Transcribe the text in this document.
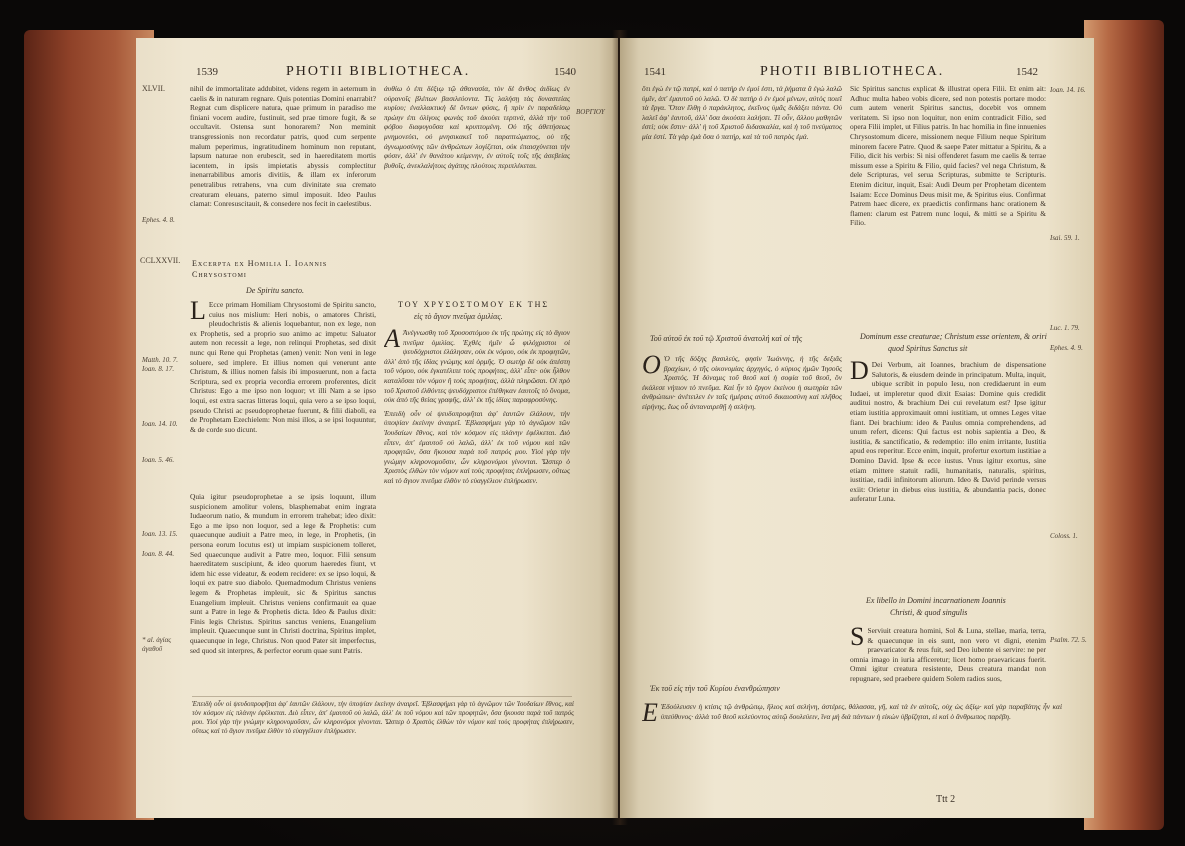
1539	PHOTII BIBLIOTHECA.	1540
XLVII.
Ephes. 4. 8.
CCLXXVII.
Matth. 10. 7.
Ioan. 8. 17.
Ioan. 14. 10.
Ioan. 5. 46.
Ioan. 13. 15.
Ioan. 8. 44.
* al. ἀγίας
ἀγαθοῦ

nihil de immortalitate addubitet, videns regem in aeternum in caelis & in naturam regnare. Quis potentias Domini enarrabit? Regnat cum displicere natura, quae primum in paradiso me finiani vocem audire, fustinuit, sed prae timore fugit, & se occultavit. Ostensa sunt honorarem? Non meminit transgressionis non recordatur patris, quod cum serpente malum peperimus, ingratitudinem hominum non reputant, lapsum naturae non erubescit, sed in haereditatem mortis iacentem, in ipsis impietatis abyssis complectitur inenarrabilibus amoris divitiis, & illam ex inferorum penetralibus retrahens, vna cum divinitate sua cremato creaturam eleuans, paterno simul imposuit. Ideo Paulus clamat: Conresuscitauit, & consedere nos fecit in caelestibus.

Excerpta ex Homilia I. Ioannis Chrysostomi
De Spiritu sancto.

L Ecce primam Homiliam Chrysostomi de Spiritu sancto, cuius nos mislium: Heri nobis, o amatores Christi, pleudochristis & alienis loquebantur, non ex lege, non ex Prophetis, sed a proprio suo animo ac impetu: Saluator autem non recessit a lege, non relinqui Prophetas, sed dixit nunc qui Rene qui Prophetas (amen) venit: Non veni in lege soluere, sed implere. Et illius nomen qui venerunt ante Christum, & illius nomen falsis ibi imposuerunt, non a facta Scriptura, sed ex propria vecordia errorem proferentes, dicit Christus: Ego a me ipso non loquor; vt illi Nam a se ipso loqui, est extra sacras litteras loqui, quia vero a se ipso loqui, pseudo Christi ac pseudoprophetae fuerunt, & filii diaboli, ea de Prophetam Ezechielem: Non misi illos, a se ipsi loquuntur, & de corde suo dicunt.

Quia igitur pseudoprophetae a se ipsis loquunt, illum suspicionem amolitur volens, blasphemabat enim ingrata Iudaeorum natio, & mundum in errorem trahebat; ideo dixit: Ego a me ipso non loquor, sed a lege & Prophetis: cum quaecunque audiuit a Patre meo, in lege, in Prophetis, (in persona eorum locutus est) ut impiam suspicionem tolleret, Sed quaecunque audivit a Patre meo, loquor. Filii sensum haereditatem suscipiunt, & ideo quorum haeredes fiunt, vt idem hic esse videatur, & eodem recidere: ex se ipso loqui, & loqui ex patre suo diabolo. Quemadmodum Christus veniens legem & Prophetas impleuit, sic & Spiritus sanctus Euangelium impleuit. Christus veniens confirmauit ea quae sunt a Patre in lege & Prophetis dicta. Ideo & Paulus dixit: Finis legis Christus. Spiritus sanctus veniens, Euangelium impleuit. Quaecunque sunt in Christi doctrina, Spiritus implet, quaecunque in lege, Christus. Non quod Pater sit imperfectus, sed quod sit interpres, & perfector eorum quae sunt Patris.

ἀυθίω ὁ ἐπι δέξιῳ τῷ ἀθανασία, τὸν δὲ ἄνθος ἀιδίως ἐν οὐρανοῖς βλέπων βασιλεύοντα. Τίς λαλήσῃ τὰς δυναστείας κυρίου; ἐναλλακτικὴ δὲ ὄντων φύσις, ἣ πρὶν ἐν παραδείσῳ πρώην ἐπι ὀλίγοις φωνὰς τοῦ ἀκούει τερπνά, ἀλλὰ τὴν τοῦ φόβου διαφυγοῦσα καὶ κρυπτομένη. Οὐ τῆς ἀθετήσεως μνημονεύει, οὐ μνησικακεῖ τοῦ παραπτώματος, οὐ τῆς ἀγνωμοσύνης τῶν ἀνθρώπων λογίζεται, οὐκ ἐπαισχύνεται τὴν φύσιν, ἀλλ' ἐν θανάτου κείμενην, ἐν αὐτοῖς τοῖς τῆς ἀσεβείας βυθοῖς, ἀνεκλαλήτοις ἀγάπης πλούτοις περιπλέκεται.

ΤΟΥ ΧΡΥΣΟΣΤΟΜΟΥ ΕΚ ΤΗΣ
εἰς τὸ ἅγιον πνεῦμα ὁμιλίας.

Α Ἀνέγνωσθη τοῦ Χρυσοστόμου ἐκ τῆς πρώτης εἰς τὸ ἅγιον πνεῦμα ὁμιλίας. Ἐχθὲς ἡμῖν ὦ φιλόχριστοι οἱ ψευδόχριστοι ἐλάλησαν, οὐκ ἐκ νόμου, οὐκ ἐκ προφητῶν, ἀλλ' ἀπὸ τῆς ἰδίας γνώμης καὶ ὁρμῆς. Ὁ σωτὴρ δὲ οὐκ ἀπέστη τοῦ νόμου, οὐκ ἐγκατέλιπε τοὺς προφήτας, ἀλλ' εἶπε· οὐκ ἦλθον καταλῦσαι τὸν νόμον ἢ τοὺς προφήτας, ἀλλὰ πληρῶσαι. Οἱ πρὸ τοῦ Χριστοῦ ἐλθόντες ψευδόχριστοι ἐπέθηκαν ἑαυτοῖς τὸ ὄνομα, οὐκ ἀπὸ τῆς θείας γραφῆς, ἀλλ' ἐκ τῆς ἰδίας παραφροσύνης.

Ἐπειδὴ οὖν οἱ ψευδοπροφῆται ἀφ' ἑαυτῶν ἐλάλουν, τὴν ὑποψίαν ἐκείνην ἀναιρεῖ. Ἐβλασφήμει γὰρ τὸ ἀγνῶμον τῶν Ἰουδαίων ἔθνος, καὶ τὸν κόσμον εἰς πλάνην ἐφέλκεται. Διὸ εἶπεν, ἀπ' ἐμαυτοῦ οὐ λαλῶ, ἀλλ' ἐκ τοῦ νόμου καὶ τῶν προφητῶν, ὅσα ἤκουσα παρὰ τοῦ πατρός μου. Υἱοὶ γὰρ τὴν γνώμην κληρονομοῦσιν, ὧν κληρονόμοι γίνονται. Ὥσπερ ὁ Χριστὸς ἐλθὼν τὸν νόμον καὶ τοὺς προφήτας ἐπλήρωσεν, οὕτως καὶ τὸ ἅγιον πνεῦμα ἐλθὸν τὸ εὐαγγέλιον ἐπλήρωσεν.

Ἐπειδὴ οὖν οἱ ψευδοπροφῆται ἀφ' ἑαυτῶν ἐλάλουν, τὴν ὑποψίαν ἐκείνην ἀναιρεῖ. Ἐβλασφήμει γὰρ τὸ ἀγνῶμον τῶν Ἰουδαίων ἔθνος, καὶ τὸν κόσμον εἰς πλάνην ἐφέλκεται. Διὸ εἶπεν, ἀπ' ἐμαυτοῦ οὐ λαλῶ, ἀλλ' ἐκ τοῦ νόμου καὶ τῶν προφητῶν, ὅσα ἤκουσα παρὰ τοῦ πατρός μου. Υἱοὶ γὰρ τὴν γνώμην κληρονομοῦσιν, ὧν κληρονόμοι γίνονται. Ὥσπερ ὁ Χριστὸς ἐλθὼν τὸν νόμον καὶ τοὺς προφήτας ἐπλήρωσεν, οὕτως καὶ τὸ ἅγιον πνεῦμα ἐλθὸν τὸ εὐαγγέλιον ἐπλήρωσεν.

ΒΟΡΓΙΟΥ
1541	PHOTII BIBLIOTHECA.	1542

ὅτι ἐγὼ ἐν τῷ πατρὶ, καὶ ὁ πατὴρ ἐν ἐμοί ἐστι, τὰ ῥήματα ἃ ἐγὼ λαλῶ ὑμῖν, ἀπ' ἐμαυτοῦ οὐ λαλῶ. Ὁ δὲ πατὴρ ὁ ἐν ἐμοὶ μένων, αὐτὸς ποιεῖ τὰ ἔργα. Ὅταν ἔλθῃ ὁ παράκλητος, ἐκεῖνος ὑμᾶς διδάξει πάντα. Οὐ λαλεῖ ἀφ' ἑαυτοῦ, ἀλλ' ὅσα ἀκούσει λαλήσει. Τί οὖν, ἄλλου μαθητῶν ἐστί; οὐκ ἔστιν· ἀλλ' ἡ τοῦ Χριστοῦ διδασκαλία, καὶ ἡ τοῦ πνεύματος μία ἐστί. Τὰ γὰρ ἐμὰ ὅσα ὁ πατήρ, καὶ τὰ τοῦ πατρὸς ἐμά.

Τοῦ αὐτοῦ ἐκ τοῦ τῷ Χριστοῦ ἀνατολή καὶ οἱ τῆς

Ο Ὁ τῆς δόξης βασιλεύς, φησὶν Ἰωάννης, ἡ τῆς δεξιᾶς βραχίων, ὁ τῆς οἰκονομίας ἀρχηγός, ὁ κύριος ἡμῶν Ἰησοῦς Χριστός. Ἡ δύναμις τοῦ θεοῦ καὶ ἡ σοφία τοῦ θεοῦ, ὃν ἐκάλεσε νήπιον τὸ πνεῦμα. Καὶ ἦν τὸ ἔργον ἐκείνου ἡ σωτηρία τῶν ἀνθρώπων· ἀνέτειλεν ἐν ταῖς ἡμέραις αὐτοῦ δικαιοσύνη καὶ πλῆθος εἰρήνης, ἕως οὗ ἀνταναιρεθῇ ἡ σελήνη.

Ἐκ τοῦ εἰς τὴν τοῦ Κυρίου ἐνανθρώπησιν

Ε Ἐδούλευσεν ἡ κτίσις τῷ ἀνθρώπῳ, ἥλιος καὶ σελήνη, ἀστέρες, θάλασσα, γῆ, καὶ τὰ ἐν αὐτοῖς, οὐχ ὡς ἀξίῳ· καὶ γὰρ παραβάτης ἦν καὶ ὑπεύθυνος· ἀλλὰ τοῦ θεοῦ κελεύοντος αὐτῷ δουλεύειν, ἵνα μὴ διὰ πάντων ἡ εἰκὼν ὑβρίζηται, εἰ καὶ ὁ ἄνθρωπος παρέβη.

Sic Spiritus sanctus explicat & illustrat opera Filii. Et enim ait: Adhuc multa habeo vobis dicere, sed non potestis portare modo: cum autem venerit Spiritus sanctus, docebit vos omnem veritatem. Si ipso non loquitur, non enim contradicit Filio, sed opera Filii implet, ut Filius patris. In hac homilia in fine innuenies Chrysostomum dicere, missionem neque Filium neque Spiritum minorem facere Patre. Quod & saepe Pater mittatur a Spiritu, & a Filio, dicit his verbis: Si nisi offenderet fasum me caelis & terrae missum esse a Spiritu & Filio, quid facies? vel nega Christum, & dele Scripturas, vel serua Scripturas, submitte te Scripturis. Etenim dicitur, inquit, Esai: Audi Deum per Prophetam dicentem Isaiam: Ecce Dominus Deus misit me, & Spiritus eius. Confirmat Patrem haec dicere, ex praedictis confirmans hanc orationem & flamen: clarum est Patrem nunc loqui, & mitti se a Spiritu & Filio.

Dominum esse creaturae; Christum esse orientem, & oriri
quod Spiritus Sanctus sit

D Dei Verbum, ait Ioannes, brachium de dispensatione Salutoris, & eiusdem deinde in principatum. Multa, inquit, ubique scribit in populo Iesu, non credidaerunt in eum Iudaei, ut impleretur quod dixit Esaias: Domine quis credidit auditui nostro, & brachium Dei cui revelatum est? Ipse igitur etiam iustitia approximauit omni iustitiam, ut omnes Leges vitae fiant. Dei brachium: ideo & Paulus omnia comprehendens, ad unum refert, dicens: Qui factus est nobis sapientia a Deo, & iustitia, & sanctificatio, & redemptio: illo enim irritante, Iustitia apud eos reperitur. Ecce enim, inquit, profertur exortum iustitiae a Domino David. Ipse & ecce iustus. Vnus igitur exortus, sine etiam mittere statuit radii, humanitatis, naturalis, spiritus, iustitiae, radii infinitorum aliorum. Ideo & David perinde versus exiit: Orietur in diebus eius iustitia, & abundantia pacis, donec auferatur Luna.

Ex libello in Domini incarnationem Ioannis
Christi, & quod singulis

S Serviuit creatura homini, Sol & Luna, stellae, maria, terra, & quaecunque in eis sunt, non vero vt digni, etenim praevaricator & reus fuit, sed Deo iubente ei servire: ne per omnia imago in iuria afficeretur; licet homo praevaricaus fuerit. Omni igitur creatura resistente, Deus creatura mandat non repugnare, sed praebere quidem Solem radios suos,

Ioan. 14. 16.
Isai. 59. 1.
Luc. 1. 79.
Ephes. 4. 9.
Coloss. 1.
Psalm. 72. 5.
Ttt 2
